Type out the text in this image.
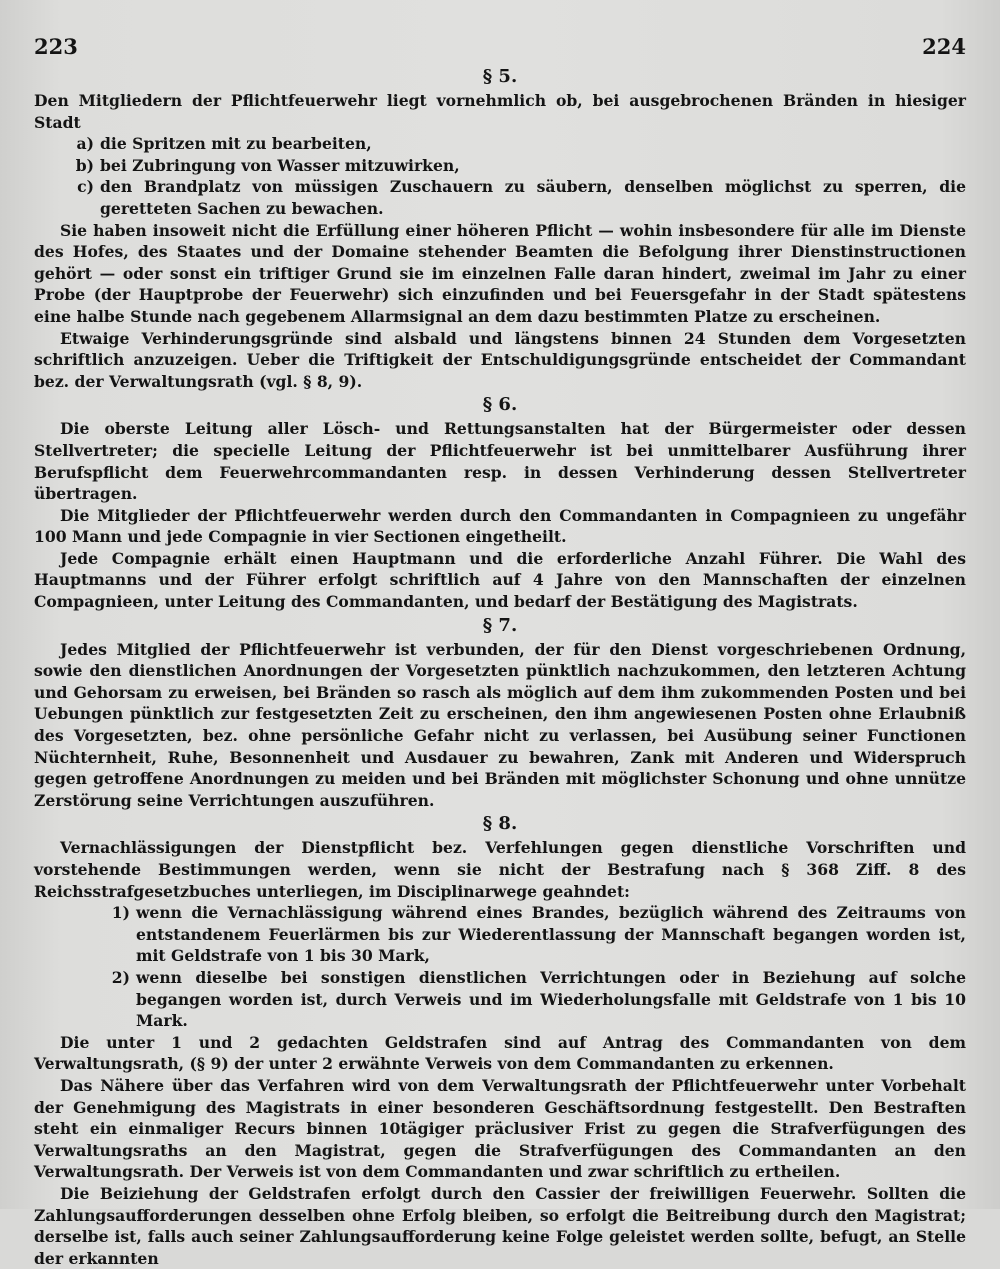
223	224

§ 5.

Den Mitgliedern der Pflichtfeuerwehr liegt vornehmlich ob, bei ausgebrochenen Bränden in hiesiger Stadt

a) die Spritzen mit zu bearbeiten,
b) bei Zubringung von Wasser mitzuwirken,
c) den Brandplatz von müssigen Zuschauern zu säubern, denselben möglichst zu sperren, die geretteten Sachen zu bewachen.

Sie haben insoweit nicht die Erfüllung einer höheren Pflicht — wohin insbesondere für alle im Dienste des Hofes, des Staates und der Domaine stehender Beamten die Befolgung ihrer Dienstinstructionen gehört — oder sonst ein triftiger Grund sie im einzelnen Falle daran hindert, zweimal im Jahr zu einer Probe (der Hauptprobe der Feuerwehr) sich einzufinden und bei Feuersgefahr in der Stadt spätestens eine halbe Stunde nach gegebenem Allarmsignal an dem dazu bestimmten Platze zu erscheinen.

Etwaige Verhinderungsgründe sind alsbald und längstens binnen 24 Stunden dem Vorgesetzten schriftlich anzuzeigen. Ueber die Triftigkeit der Entschuldigungsgründe entscheidet der Commandant bez. der Verwaltungsrath (vgl. § 8, 9).

§ 6.

Die oberste Leitung aller Lösch- und Rettungsanstalten hat der Bürgermeister oder dessen Stellvertreter; die specielle Leitung der Pflichtfeuerwehr ist bei unmittelbarer Ausführung ihrer Berufspflicht dem Feuerwehrcommandanten resp. in dessen Verhinderung dessen Stellvertreter übertragen.

Die Mitglieder der Pflichtfeuerwehr werden durch den Commandanten in Compagnieen zu ungefähr 100 Mann und jede Compagnie in vier Sectionen eingetheilt.

Jede Compagnie erhält einen Hauptmann und die erforderliche Anzahl Führer. Die Wahl des Hauptmanns und der Führer erfolgt schriftlich auf 4 Jahre von den Mannschaften der einzelnen Compagnieen, unter Leitung des Commandanten, und bedarf der Bestätigung des Magistrats.

§ 7.

Jedes Mitglied der Pflichtfeuerwehr ist verbunden, der für den Dienst vorgeschriebenen Ordnung, sowie den dienstlichen Anordnungen der Vorgesetzten pünktlich nachzukommen, den letzteren Achtung und Gehorsam zu erweisen, bei Bränden so rasch als möglich auf dem ihm zukommenden Posten und bei Uebungen pünktlich zur festgesetzten Zeit zu erscheinen, den ihm angewiesenen Posten ohne Erlaubniß des Vorgesetzten, bez. ohne persönliche Gefahr nicht zu verlassen, bei Ausübung seiner Functionen Nüchternheit, Ruhe, Besonnenheit und Ausdauer zu bewahren, Zank mit Anderen und Widerspruch gegen getroffene Anordnungen zu meiden und bei Bränden mit möglichster Schonung und ohne unnütze Zerstörung seine Verrichtungen auszuführen.

§ 8.

Vernachlässigungen der Dienstpflicht bez. Verfehlungen gegen dienstliche Vorschriften und vorstehende Bestimmungen werden, wenn sie nicht der Bestrafung nach § 368 Ziff. 8 des Reichsstrafgesetzbuches unterliegen, im Disciplinarwege geahndet:

1) wenn die Vernachlässigung während eines Brandes, bezüglich während des Zeitraums von entstandenem Feuerlärmen bis zur Wiederentlassung der Mannschaft begangen worden ist, mit Geldstrafe von 1 bis 30 Mark,
2) wenn dieselbe bei sonstigen dienstlichen Verrichtungen oder in Beziehung auf solche begangen worden ist, durch Verweis und im Wiederholungsfalle mit Geldstrafe von 1 bis 10 Mark.

Die unter 1 und 2 gedachten Geldstrafen sind auf Antrag des Commandanten von dem Verwaltungsrath, (§ 9) der unter 2 erwähnte Verweis von dem Commandanten zu erkennen.

Das Nähere über das Verfahren wird von dem Verwaltungsrath der Pflichtfeuerwehr unter Vorbehalt der Genehmigung des Magistrats in einer besonderen Geschäftsordnung festgestellt. Den Bestraften steht ein einmaliger Recurs binnen 10tägiger präclusiver Frist zu gegen die Strafverfügungen des Verwaltungsraths an den Magistrat, gegen die Strafverfügungen des Commandanten an den Verwaltungsrath. Der Verweis ist von dem Commandanten und zwar schriftlich zu ertheilen.

Die Beiziehung der Geldstrafen erfolgt durch den Cassier der freiwilligen Feuerwehr. Sollten die Zahlungsaufforderungen desselben ohne Erfolg bleiben, so erfolgt die Beitreibung durch den Magistrat; derselbe ist, falls auch seiner Zahlungsaufforderung keine Folge geleistet werden sollte, befugt, an Stelle der erkannten
